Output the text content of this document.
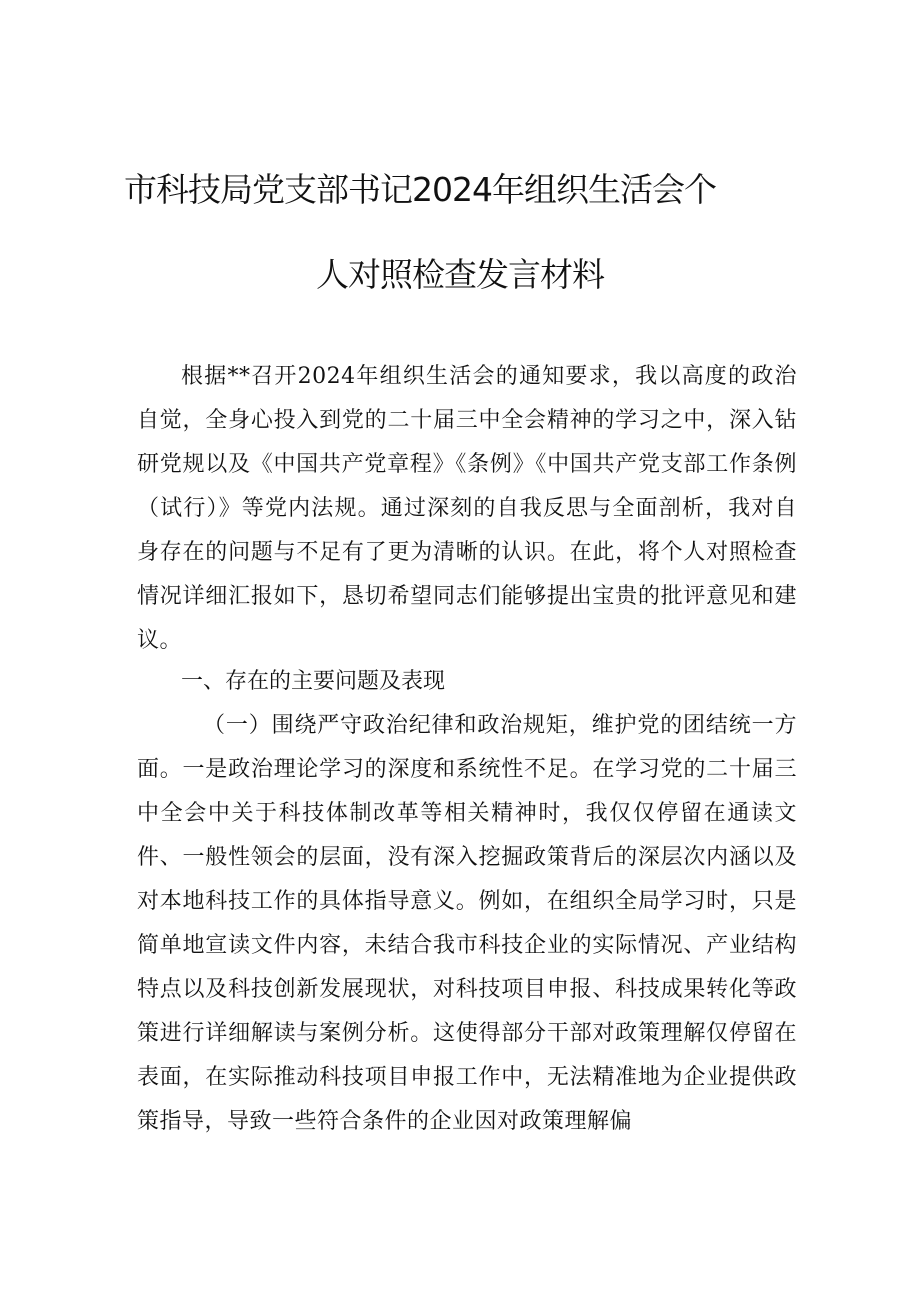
市科技局党支部书记2024年组织生活会个
人对照检查发言材料

根据**召开2024年组织生活会的通知要求，我以高度的政治自觉，全身心投入到党的二十届三中全会精神的学习之中，深入钻研党规以及《中国共产党章程》《条例》《中国共产党支部工作条例（试行）》等党内法规。通过深刻的自我反思与全面剖析，我对自身存在的问题与不足有了更为清晰的认识。在此，将个人对照检查情况详细汇报如下，恳切希望同志们能够提出宝贵的批评意见和建议。

一、存在的主要问题及表现

（一）围绕严守政治纪律和政治规矩，维护党的团结统一方面。一是政治理论学习的深度和系统性不足。在学习党的二十届三中全会中关于科技体制改革等相关精神时，我仅仅停留在通读文件、一般性领会的层面，没有深入挖掘政策背后的深层次内涵以及对本地科技工作的具体指导意义。例如，在组织全局学习时，只是简单地宣读文件内容，未结合我市科技企业的实际情况、产业结构特点以及科技创新发展现状，对科技项目申报、科技成果转化等政策进行详细解读与案例分析。这使得部分干部对政策理解仅停留在表面，在实际推动科技项目申报工作中，无法精准地为企业提供政策指导，导致一些符合条件的企业因对政策理解偏
